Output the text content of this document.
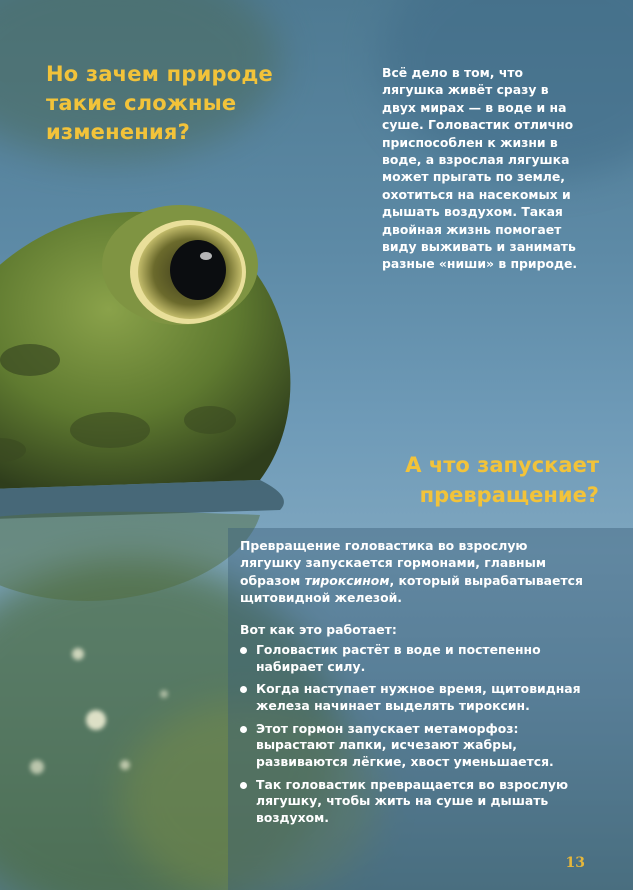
Но зачем природе
такие сложные
изменения?

Всё дело в том, что
лягушка живёт сразу в
двух мирах — в воде и на
суше. Головастик отлично
приспособлен к жизни в
воде, а взрослая лягушка
может прыгать по земле,
охотиться на насекомых и
дышать воздухом. Такая
двойная жизнь помогает
виду выживать и занимать
разные «ниши» в природе.

А что запускает
превращение?

Превращение головастика во взрослую
лягушку запускается гормонами, главным
образом тироксином, который вырабатывается
щитовидной железой.

Вот как это работает:

Головастик растёт в воде и постепенно
набирает силу.
Когда наступает нужное время, щитовидная
железа начинает выделять тироксин.
Этот гормон запускает метаморфоз:
вырастают лапки, исчезают жабры,
развиваются лёгкие, хвост уменьшается.
Так головастик превращается во взрослую
лягушку, чтобы жить на суше и дышать
воздухом.
13
